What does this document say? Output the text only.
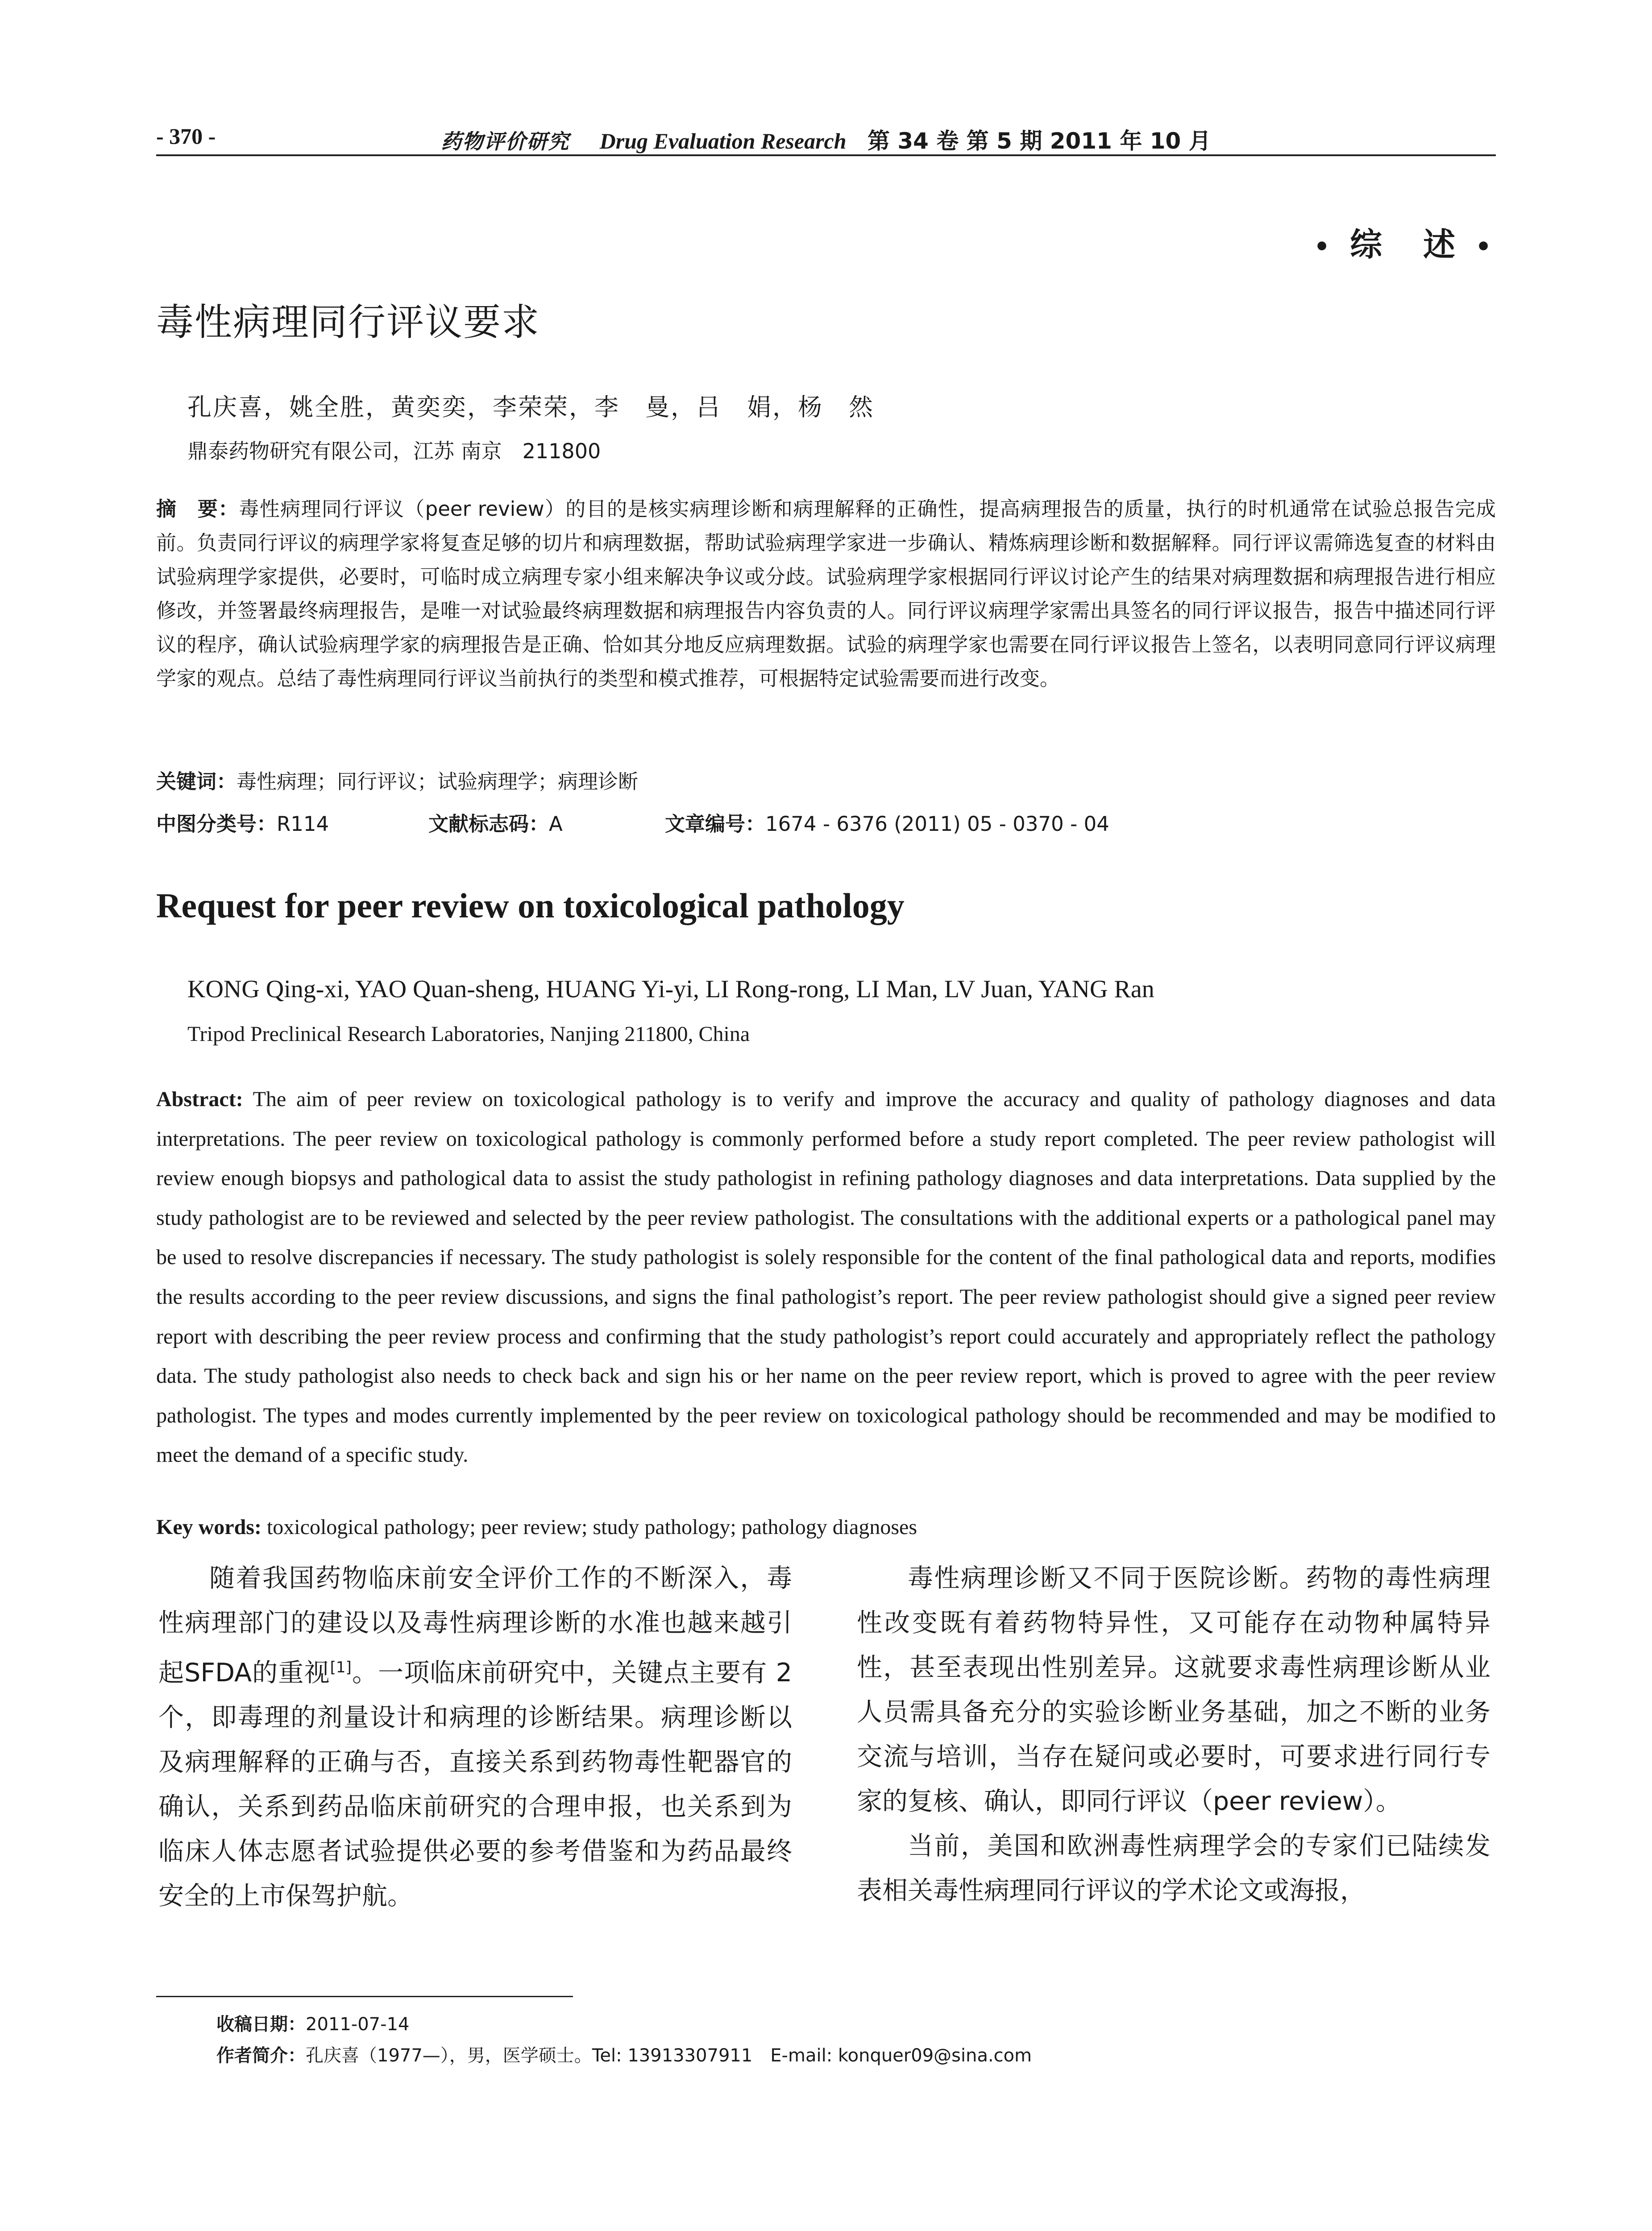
- 370 -	药物评价研究 Drug Evaluation Research 第 34 卷 第 5 期 2011 年 10 月
• 综　述 •
毒性病理同行评议要求
孔庆喜，姚全胜，黄奕奕，李荣荣，李　曼，吕　娟，杨　然
鼎泰药物研究有限公司，江苏 南京　211800

摘　要：毒性病理同行评议（peer review）的目的是核实病理诊断和病理解释的正确性，提高病理报告的质量，执行的时机通常在试验总报告完成前。负责同行评议的病理学家将复查足够的切片和病理数据，帮助试验病理学家进一步确认、精炼病理诊断和数据解释。同行评议需筛选复查的材料由试验病理学家提供，必要时，可临时成立病理专家小组来解决争议或分歧。试验病理学家根据同行评议讨论产生的结果对病理数据和病理报告进行相应修改，并签署最终病理报告，是唯一对试验最终病理数据和病理报告内容负责的人。同行评议病理学家需出具签名的同行评议报告，报告中描述同行评议的程序，确认试验病理学家的病理报告是正确、恰如其分地反应病理数据。试验的病理学家也需要在同行评议报告上签名，以表明同意同行评议病理学家的观点。总结了毒性病理同行评议当前执行的类型和模式推荐，可根据特定试验需要而进行改变。

关键词：毒性病理；同行评议；试验病理学；病理诊断
中图分类号：R114	文献标志码：A	文章编号：1674 - 6376 (2011) 05 - 0370 - 04
Request for peer review on toxicological pathology
KONG Qing-xi, YAO Quan-sheng, HUANG Yi-yi, LI Rong-rong, LI Man, LV Juan, YANG Ran
Tripod Preclinical Research Laboratories, Nanjing 211800, China

Abstract: The aim of peer review on toxicological pathology is to verify and improve the accuracy and quality of pathology diagnoses and data interpretations. The peer review on toxicological pathology is commonly performed before a study report completed. The peer review pathologist will review enough biopsys and pathological data to assist the study pathologist in refining pathology diagnoses and data interpretations. Data supplied by the study pathologist are to be reviewed and selected by the peer review pathologist. The consultations with the additional experts or a pathological panel may be used to resolve discrepancies if necessary. The study pathologist is solely responsible for the content of the final pathological data and reports, modifies the results according to the peer review discussions, and signs the final pathologist’s report. The peer review pathologist should give a signed peer review report with describing the peer review process and confirming that the study pathologist’s report could accurately and appropriately reflect the pathology data. The study pathologist also needs to check back and sign his or her name on the peer review report, which is proved to agree with the peer review pathologist. The types and modes currently implemented by the peer review on toxicological pathology should be recommended and may be modified to meet the demand of a specific study.

Key words: toxicological pathology; peer review; study pathology; pathology diagnoses

随着我国药物临床前安全评价工作的不断深入，毒性病理部门的建设以及毒性病理诊断的水准也越来越引起SFDA的重视[1]。一项临床前研究中，关键点主要有 2 个，即毒理的剂量设计和病理的诊断结果。病理诊断以及病理解释的正确与否，直接关系到药物毒性靶器官的确认，关系到药品临床前研究的合理申报，也关系到为临床人体志愿者试验提供必要的参考借鉴和为药品最终安全的上市保驾护航。

毒性病理诊断又不同于医院诊断。药物的毒性病理性改变既有着药物特异性，又可能存在动物种属特异性，甚至表现出性别差异。这就要求毒性病理诊断从业人员需具备充分的实验诊断业务基础，加之不断的业务交流与培训，当存在疑问或必要时，可要求进行同行专家的复核、确认，即同行评议（peer review）。

当前，美国和欧洲毒性病理学会的专家们已陆续发表相关毒性病理同行评议的学术论文或海报，

收稿日期：2011-07-14
作者简介：孔庆喜（1977—），男，医学硕士。Tel: 13913307911　E-mail: konquer09@sina.com
